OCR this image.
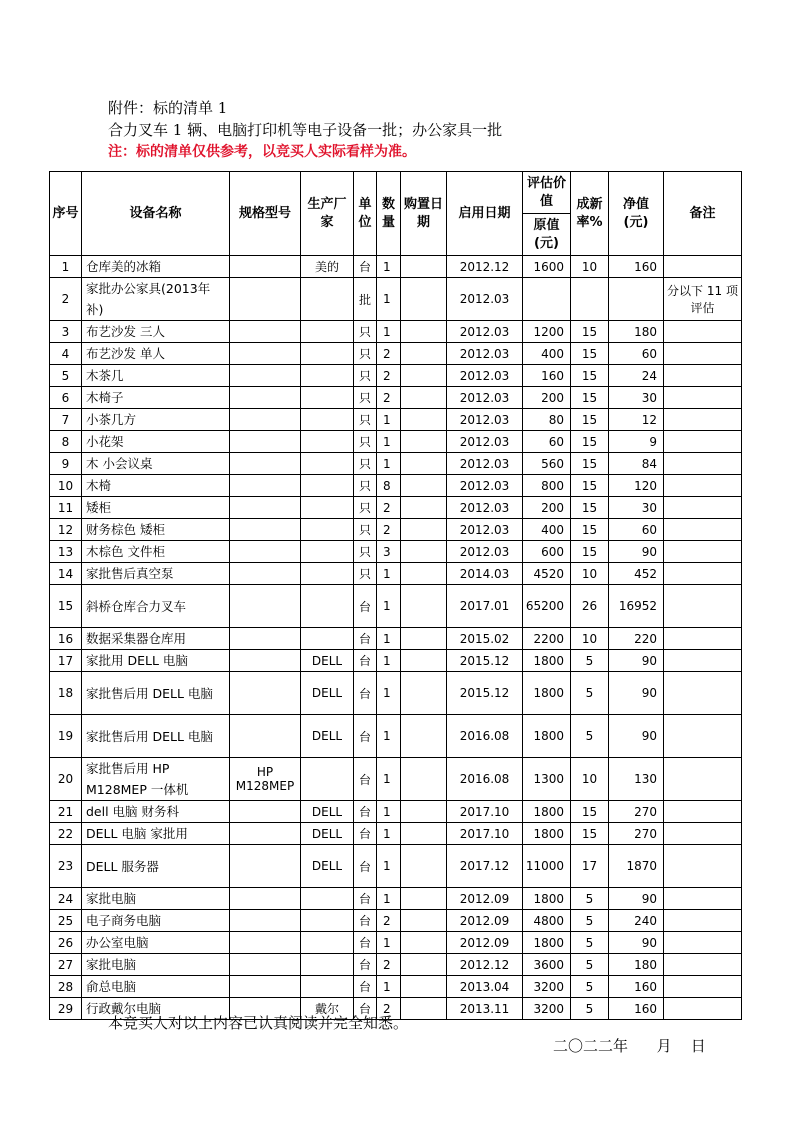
附件：标的清单 1
合力叉车 1 辆、电脑打印机等电子设备一批；办公家具一批
注：标的清单仅供参考，以竞买人实际看样为准。
序号	设备名称	规格型号	生产厂家	单位	数量	购置日期	启用日期	评估价值	成新率%	净值(元)	备注
								原值(元)			
1	仓库美的冰箱		美的	台	1		2012.12	1600	10	160	
2	家批办公家具(2013年补)			批	1		2012.03				分以下 11 项评估
3	布艺沙发 三人			只	1		2012.03	1200	15	180	
4	布艺沙发 单人			只	2		2012.03	400	15	60	
5	木茶几			只	2		2012.03	160	15	24	
6	木椅子			只	2		2012.03	200	15	30	
7	小茶几方			只	1		2012.03	80	15	12	
8	小花架			只	1		2012.03	60	15	9	
9	木 小会议桌			只	1		2012.03	560	15	84	
10	木椅			只	8		2012.03	800	15	120	
11	矮柜			只	2		2012.03	200	15	30	
12	财务棕色 矮柜			只	2		2012.03	400	15	60	
13	木棕色 文件柜			只	3		2012.03	600	15	90	
14	家批售后真空泵			只	1		2014.03	4520	10	452	
15	斜桥仓库合力叉车			台	1		2017.01	65200	26	16952	
16	数据采集器仓库用			台	1		2015.02	2200	10	220	
17	家批用 DELL 电脑		DELL	台	1		2015.12	1800	5	90	
18	家批售后用 DELL 电脑		DELL	台	1		2015.12	1800	5	90	
19	家批售后用 DELL 电脑		DELL	台	1		2016.08	1800	5	90	
20	家批售后用 HP M128MEP 一体机	HP M128MEP		台	1		2016.08	1300	10	130	
21	dell 电脑 财务科		DELL	台	1		2017.10	1800	15	270	
22	DELL 电脑 家批用		DELL	台	1		2017.10	1800	15	270	
23	DELL 服务器		DELL	台	1		2017.12	11000	17	1870	
24	家批电脑			台	1		2012.09	1800	5	90	
25	电子商务电脑			台	2		2012.09	4800	5	240	
26	办公室电脑			台	1		2012.09	1800	5	90	
27	家批电脑			台	2		2012.12	3600	5	180	
28	俞总电脑			台	1		2013.04	3200	5	160	
29	行政戴尔电脑		戴尔	台	2		2013.11	3200	5	160	
本竞买人对以上内容已认真阅读并完全知悉。
二〇二二年 月 日
